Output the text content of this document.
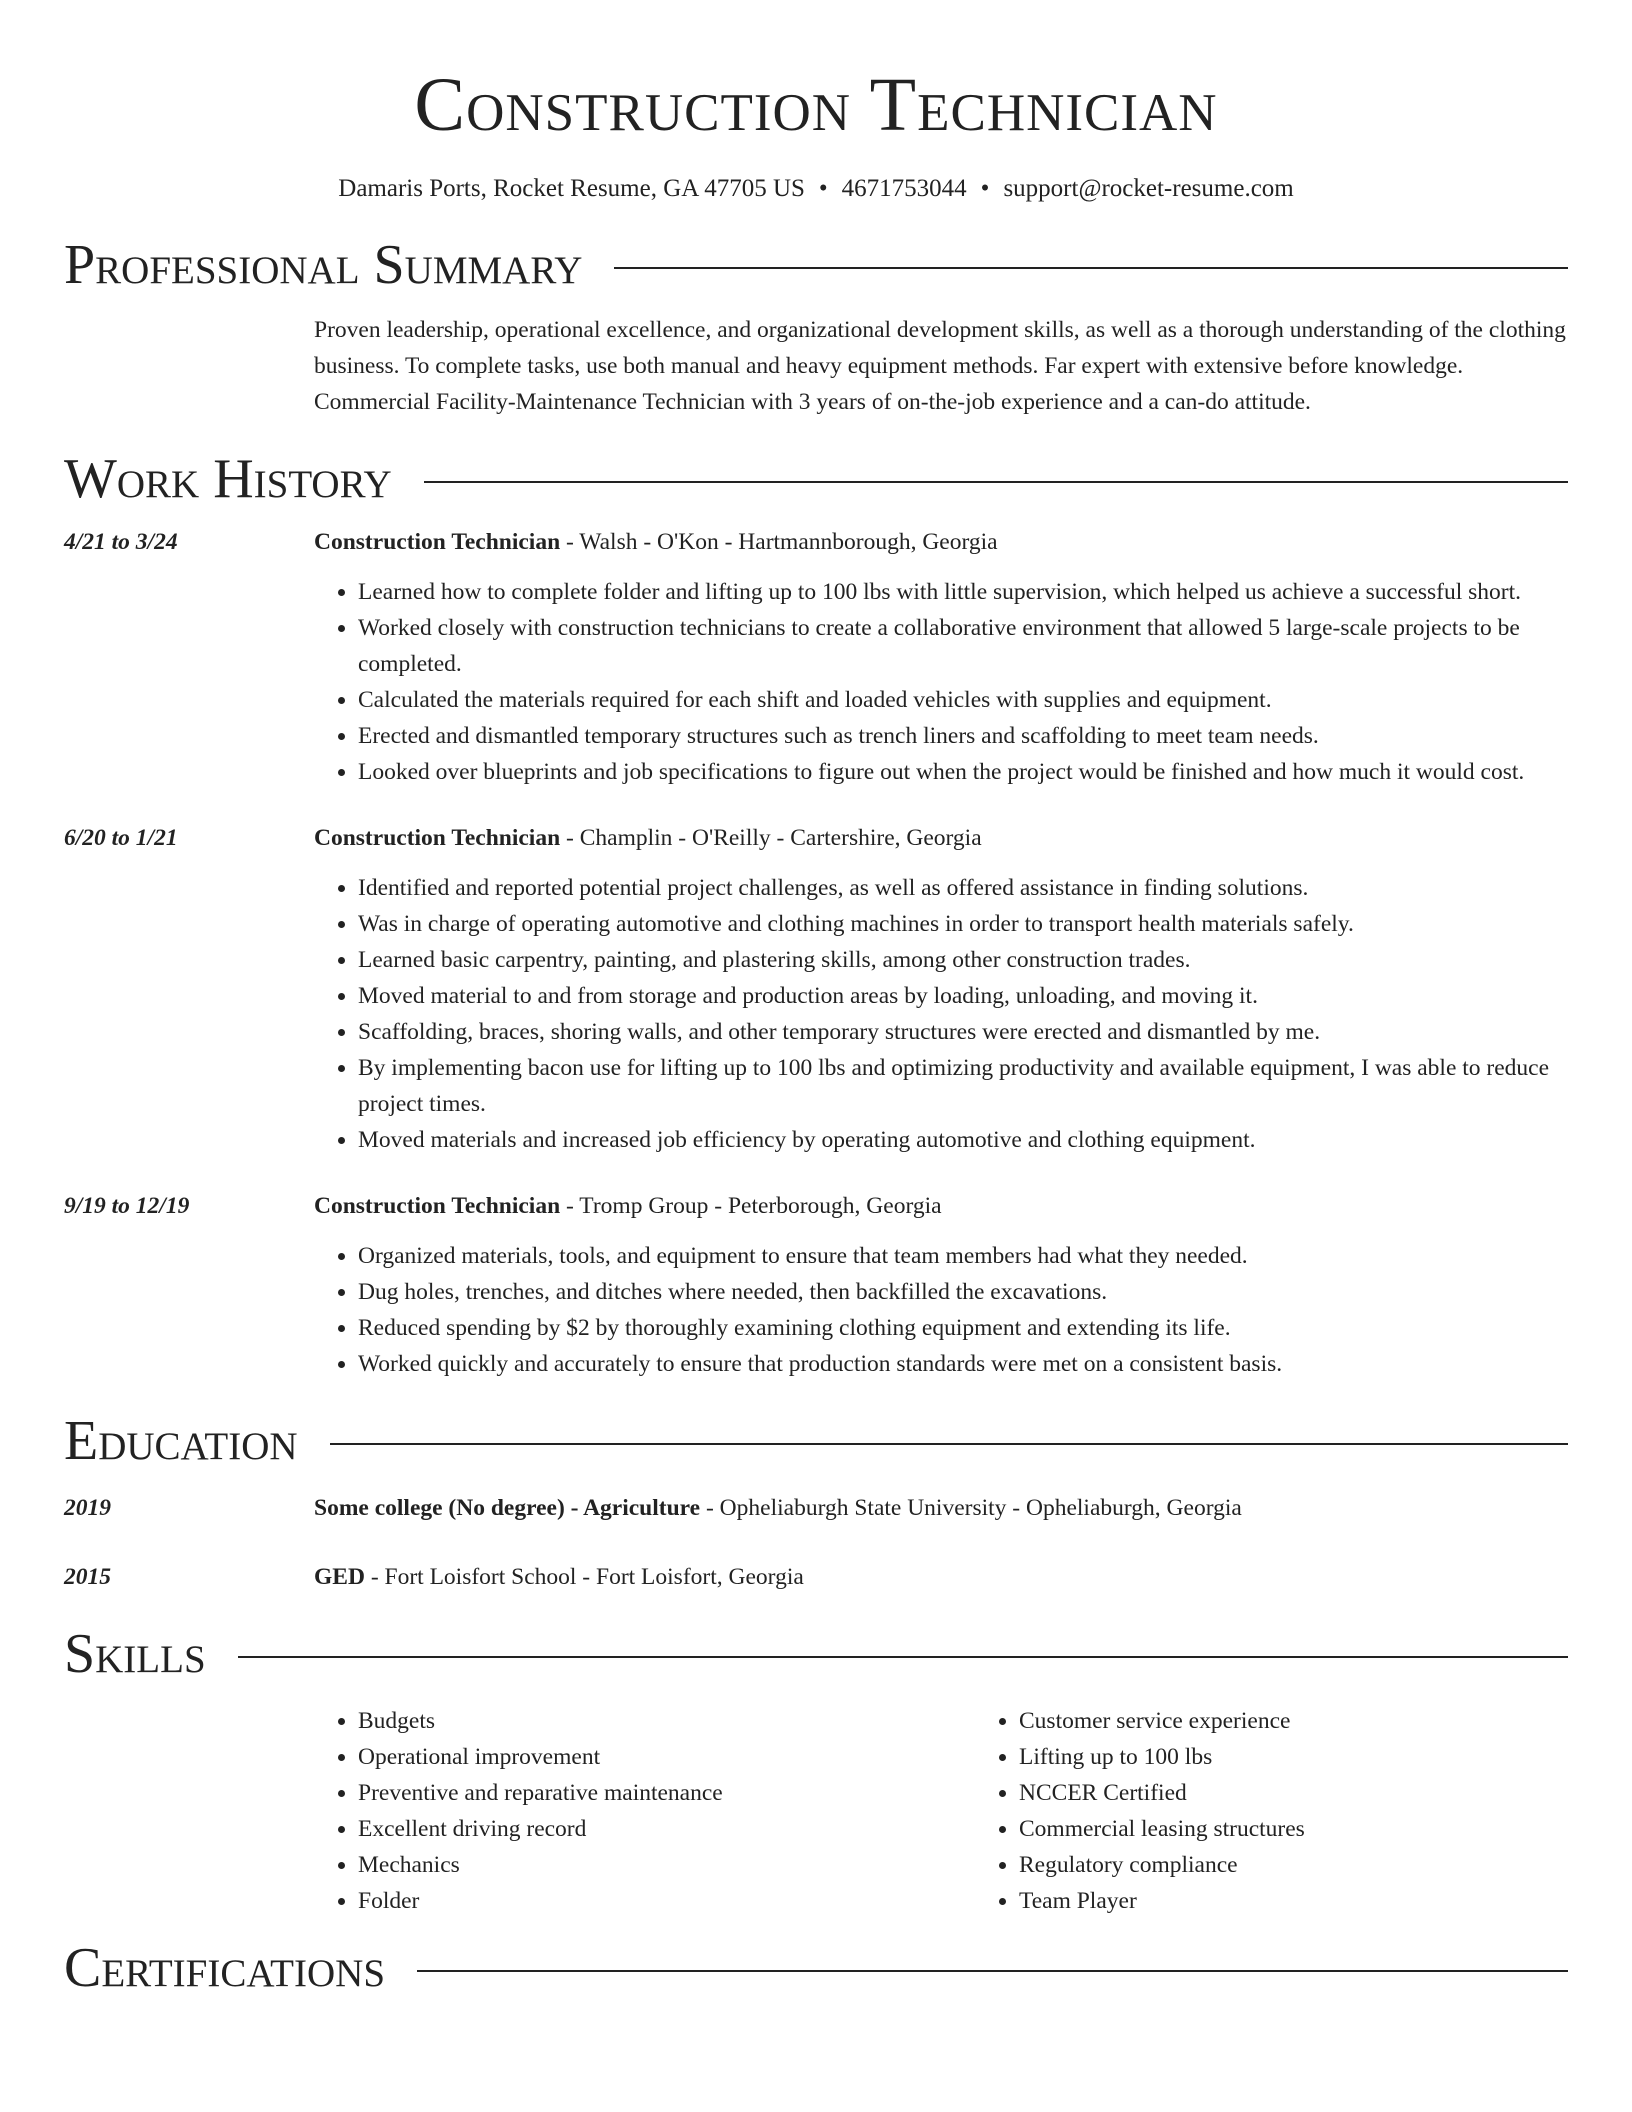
Construction Technician
Damaris Ports, Rocket Resume, GA 47705 US • 4671753044 • support@rocket-resume.com
Professional Summary
Proven leadership, operational excellence, and organizational development skills, as well as a thorough understanding of the clothing business. To complete tasks, use both manual and heavy equipment methods. Far expert with extensive before knowledge. Commercial Facility-Maintenance Technician with 3 years of on-the-job experience and a can-do attitude.
Work History
4/21 to 3/24	Construction Technician - Walsh - O'Kon - Hartmannborough, Georgia
• Learned how to complete folder and lifting up to 100 lbs with little supervision, which helped us achieve a successful short.
• Worked closely with construction technicians to create a collaborative environment that allowed 5 large-scale projects to be completed.
• Calculated the materials required for each shift and loaded vehicles with supplies and equipment.
• Erected and dismantled temporary structures such as trench liners and scaffolding to meet team needs.
• Looked over blueprints and job specifications to figure out when the project would be finished and how much it would cost.
6/20 to 1/21	Construction Technician - Champlin - O'Reilly - Cartershire, Georgia
• Identified and reported potential project challenges, as well as offered assistance in finding solutions.
• Was in charge of operating automotive and clothing machines in order to transport health materials safely.
• Learned basic carpentry, painting, and plastering skills, among other construction trades.
• Moved material to and from storage and production areas by loading, unloading, and moving it.
• Scaffolding, braces, shoring walls, and other temporary structures were erected and dismantled by me.
• By implementing bacon use for lifting up to 100 lbs and optimizing productivity and available equipment, I was able to reduce project times.
• Moved materials and increased job efficiency by operating automotive and clothing equipment.
9/19 to 12/19	Construction Technician - Tromp Group - Peterborough, Georgia
• Organized materials, tools, and equipment to ensure that team members had what they needed.
• Dug holes, trenches, and ditches where needed, then backfilled the excavations.
• Reduced spending by $2 by thoroughly examining clothing equipment and extending its life.
• Worked quickly and accurately to ensure that production standards were met on a consistent basis.
Education
2019	Some college (No degree) - Agriculture - Opheliaburgh State University - Opheliaburgh, Georgia
2015	GED - Fort Loisfort School - Fort Loisfort, Georgia
Skills
• Budgets
• Operational improvement
• Preventive and reparative maintenance
• Excellent driving record
• Mechanics
• Folder
• Customer service experience
• Lifting up to 100 lbs
• NCCER Certified
• Commercial leasing structures
• Regulatory compliance
• Team Player
Certifications
